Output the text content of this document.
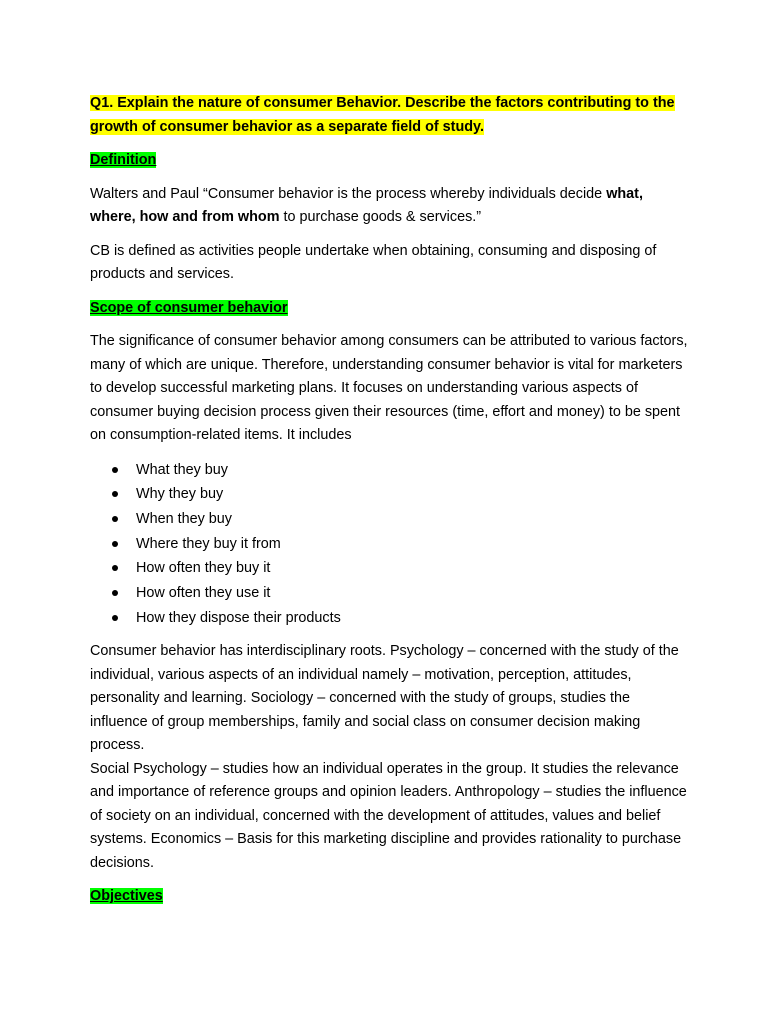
Q1. Explain the nature of consumer Behavior. Describe the factors contributing to the growth of consumer behavior as a separate field of study.

Definition

Walters and Paul “Consumer behavior is the process whereby individuals decide what, where, how and from whom to purchase goods & services.”

CB is defined as activities people undertake when obtaining, consuming and disposing of products and services.

Scope of consumer behavior

The significance of consumer behavior among consumers can be attributed to various factors, many of which are unique. Therefore, understanding consumer behavior is vital for marketers to develop successful marketing plans. It focuses on understanding various aspects of consumer buying decision process given their resources (time, effort and money) to be spent on consumption-related items. It includes

What they buy
Why they buy
When they buy
Where they buy it from
How often they buy it
How often they use it
How they dispose their products

Consumer behavior has interdisciplinary roots. Psychology – concerned with the study of the individual, various aspects of an individual namely – motivation, perception, attitudes, personality and learning. Sociology – concerned with the study of groups, studies the influence of group memberships, family and social class on consumer decision making process.

Social Psychology – studies how an individual operates in the group. It studies the relevance and importance of reference groups and opinion leaders. Anthropology – studies the influence of society on an individual, concerned with the development of attitudes, values and belief systems. Economics – Basis for this marketing discipline and provides rationality to purchase decisions.

Objectives
